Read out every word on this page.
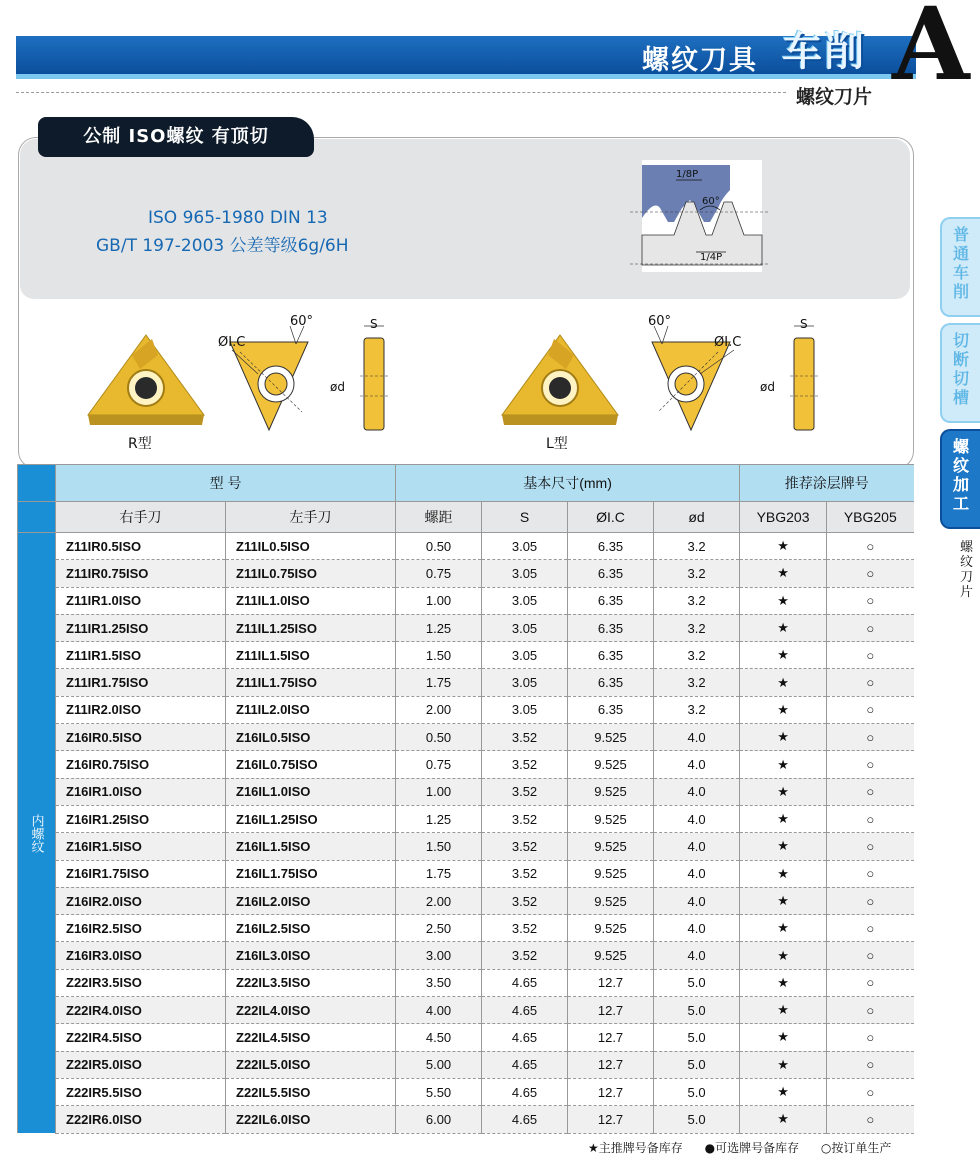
螺纹刀具 车削 A
螺纹刀片
公制 ISO螺纹 有顶切
ISO 965-1980 DIN 13
GB/T 197-2003 公差等级6g/6H
1/8P
60°
1/4P
R型
ØI.C
60°	S
ød
L型
60°
ØI.C
S
ød
普通车削
切断切槽
螺纹加工
螺纹刀片
	型 号		基本尺寸(mm)				推荐涂层牌号	
	右手刀	左手刀	螺距	S	ØI.C	ød	YBG203	YBG205
内螺纹	Z11IR0.5ISO	Z11IL0.5ISO	0.50	3.05	6.35	3.2	★	○
	Z11IR0.75ISO	Z11IL0.75ISO	0.75	3.05	6.35	3.2	★	○
	Z11IR1.0ISO	Z11IL1.0ISO	1.00	3.05	6.35	3.2	★	○
	Z11IR1.25ISO	Z11IL1.25ISO	1.25	3.05	6.35	3.2	★	○
	Z11IR1.5ISO	Z11IL1.5ISO	1.50	3.05	6.35	3.2	★	○
	Z11IR1.75ISO	Z11IL1.75ISO	1.75	3.05	6.35	3.2	★	○
	Z11IR2.0ISO	Z11IL2.0ISO	2.00	3.05	6.35	3.2	★	○
	Z16IR0.5ISO	Z16IL0.5ISO	0.50	3.52	9.525	4.0	★	○
	Z16IR0.75ISO	Z16IL0.75ISO	0.75	3.52	9.525	4.0	★	○
	Z16IR1.0ISO	Z16IL1.0ISO	1.00	3.52	9.525	4.0	★	○
	Z16IR1.25ISO	Z16IL1.25ISO	1.25	3.52	9.525	4.0	★	○
	Z16IR1.5ISO	Z16IL1.5ISO	1.50	3.52	9.525	4.0	★	○
	Z16IR1.75ISO	Z16IL1.75ISO	1.75	3.52	9.525	4.0	★	○
	Z16IR2.0ISO	Z16IL2.0ISO	2.00	3.52	9.525	4.0	★	○
	Z16IR2.5ISO	Z16IL2.5ISO	2.50	3.52	9.525	4.0	★	○
	Z16IR3.0ISO	Z16IL3.0ISO	3.00	3.52	9.525	4.0	★	○
	Z22IR3.5ISO	Z22IL3.5ISO	3.50	4.65	12.7	5.0	★	○
	Z22IR4.0ISO	Z22IL4.0ISO	4.00	4.65	12.7	5.0	★	○
	Z22IR4.5ISO	Z22IL4.5ISO	4.50	4.65	12.7	5.0	★	○
	Z22IR5.0ISO	Z22IL5.0ISO	5.00	4.65	12.7	5.0	★	○
	Z22IR5.5ISO	Z22IL5.5ISO	5.50	4.65	12.7	5.0	★	○
	Z22IR6.0ISO	Z22IL6.0ISO	6.00	4.65	12.7	5.0	★	○
★主推牌号备库存 ●可选牌号备库存 ○按订单生产
